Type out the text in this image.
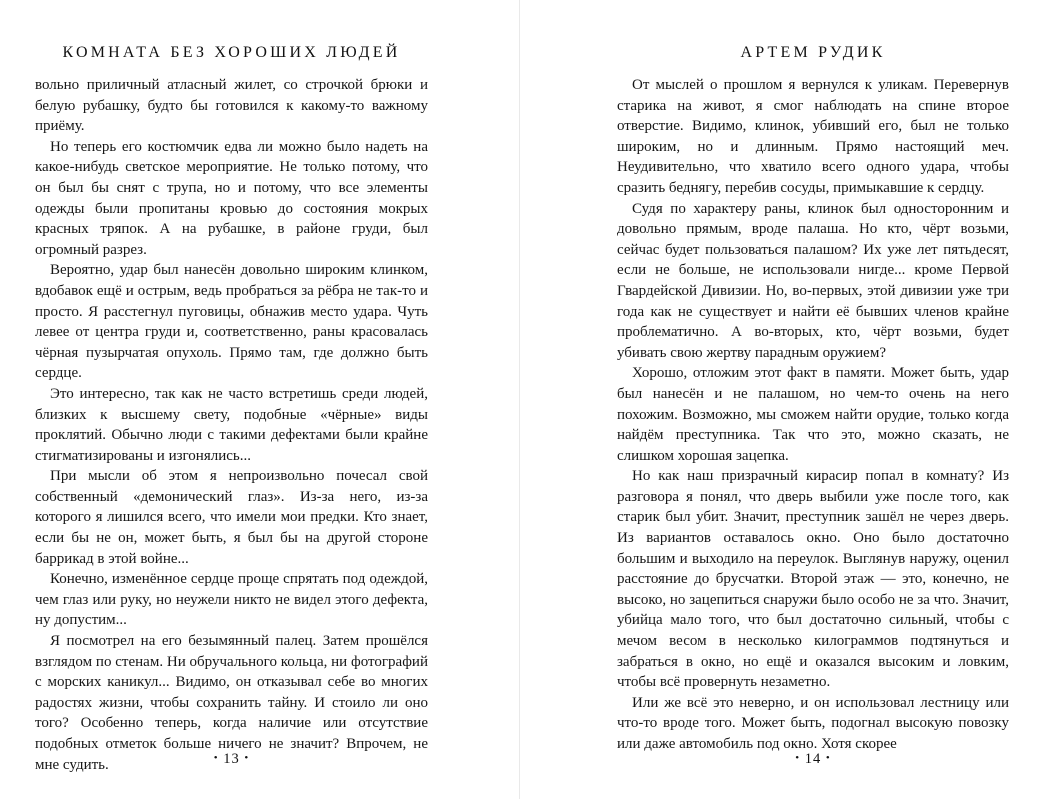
КОМНАТА БЕЗ ХОРОШИХ ЛЮДЕЙ

вольно приличный атласный жилет, со строчкой брюки и белую рубашку, будто бы готовился к какому-то важному приёму.

Но теперь его костюмчик едва ли можно было надеть на какое-нибудь светское мероприятие. Не только потому, что он был бы снят с трупа, но и потому, что все элементы одежды были пропитаны кровью до состояния мокрых красных тряпок. А на рубашке, в районе груди, был огромный разрез.

Вероятно, удар был нанесён довольно широким клинком, вдобавок ещё и острым, ведь пробраться за рёбра не так-то и просто. Я расстегнул пуговицы, обнажив место удара. Чуть левее от центра груди и, соответственно, раны красовалась чёрная пузырчатая опухоль. Прямо там, где должно быть сердце.

Это интересно, так как не часто встретишь среди людей, близких к высшему свету, подобные «чёрные» виды проклятий. Обычно люди с такими дефектами были крайне стигматизированы и изгонялись...

При мысли об этом я непроизвольно почесал свой собственный «демонический глаз». Из-за него, из-за которого я лишился всего, что имели мои предки. Кто знает, если бы не он, может быть, я был бы на другой стороне баррикад в этой войне...

Конечно, изменённое сердце проще спрятать под одеждой, чем глаз или руку, но неужели никто не видел этого дефекта, ну допустим...

Я посмотрел на его безымянный палец. Затем прошёлся взглядом по стенам. Ни обручального кольца, ни фотографий с морских каникул... Видимо, он отказывал себе во многих радостях жизни, чтобы сохранить тайну. И стоило ли оно того? Особенно теперь, когда наличие или отсутствие подобных отметок больше ничего не значит? Впрочем, не мне судить.	• 13 •
АРТЕМ РУДИК

От мыслей о прошлом я вернулся к уликам. Перевернув старика на живот, я смог наблюдать на спине второе отверстие. Видимо, клинок, убивший его, был не только широким, но и длинным. Прямо настоящий меч. Неудивительно, что хватило всего одного удара, чтобы сразить беднягу, перебив сосуды, примыкавшие к сердцу.

Судя по характеру раны, клинок был односторонним и довольно прямым, вроде палаша. Но кто, чёрт возьми, сейчас будет пользоваться палашом? Их уже лет пятьдесят, если не больше, не использовали нигде... кроме Первой Гвардейской Дивизии. Но, во-первых, этой дивизии уже три года как не существует и найти её бывших членов крайне проблематично. А во-вторых, кто, чёрт возьми, будет убивать свою жертву парадным оружием?

Хорошо, отложим этот факт в памяти. Может быть, удар был нанесён и не палашом, но чем-то очень на него похожим. Возможно, мы сможем найти орудие, только когда найдём преступника. Так что это, можно сказать, не слишком хорошая зацепка.

Но как наш призрачный кирасир попал в комнату? Из разговора я понял, что дверь выбили уже после того, как старик был убит. Значит, преступник зашёл не через дверь. Из вариантов оставалось окно. Оно было достаточно большим и выходило на переулок. Выглянув наружу, оценил расстояние до брусчатки. Второй этаж — это, конечно, не высоко, но зацепиться снаружи было особо не за что. Значит, убийца мало того, что был достаточно сильный, чтобы с мечом весом в несколько килограммов подтянуться и забраться в окно, но ещё и оказался высоким и ловким, чтобы всё провернуть незаметно.

Или же всё это неверно, и он использовал лестницу или что-то вроде того. Может быть, подогнал высокую повозку или даже автомобиль под окно. Хотя скорее

• 14 •
